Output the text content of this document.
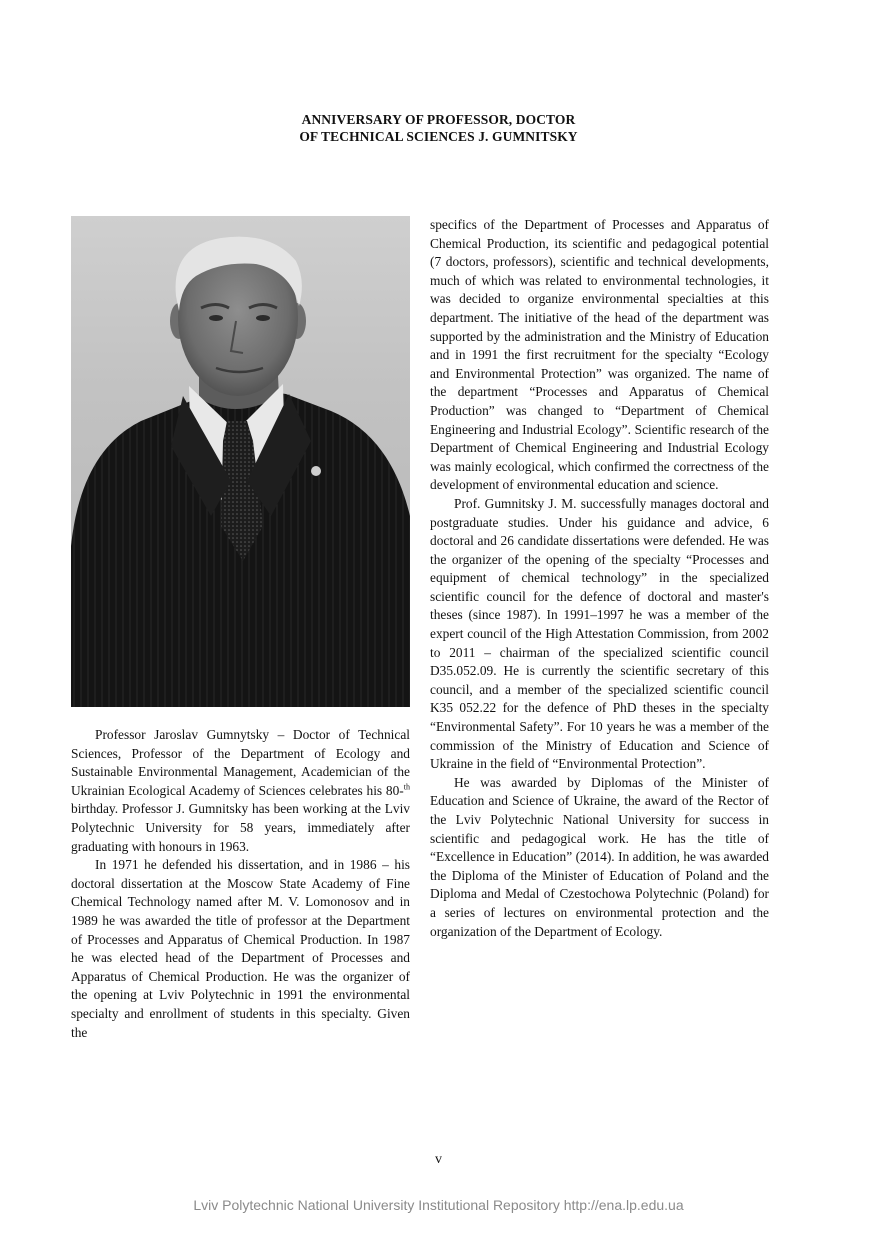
ANNIVERSARY OF PROFESSOR, DOCTOR
OF TECHNICAL SCIENCES J. GUMNITSKY

Professor Jaroslav Gumnytsky – Doctor of Technical Sciences, Professor of the Department of Ecology and Sustainable Environmental Management, Academician of the Ukrainian Ecological Academy of Sciences celebrates his 80-$^{th}$ birthday. Professor J. Gumnitsky has been working at the Lviv Polytechnic University for 58 years, immediately after graduating with honours in 1963.

In 1971 he defended his dissertation, and in 1986 – his doctoral dissertation at the Moscow State Academy of Fine Chemical Technology named after M. V. Lomonosov and in 1989 he was awarded the title of professor at the Department of Processes and Apparatus of Chemical Production. In 1987 he was elected head of the Department of Processes and Apparatus of Chemical Production. He was the organizer of the opening at Lviv Polytechnic in 1991 the environmental specialty and enrollment of students in this specialty. Given the

specifics of the Department of Processes and Apparatus of Chemical Production, its scientific and pedagogical potential (7 doctors, professors), scientific and technical developments, much of which was related to environmental technologies, it was decided to organize environmental specialties at this department. The initiative of the head of the department was supported by the administration and the Ministry of Education and in 1991 the first recruitment for the specialty “Ecology and Environmental Protection” was organized. The name of the department “Processes and Apparatus of Chemical Production” was changed to “Department of Chemical Engineering and Industrial Ecology”. Scientific research of the Department of Chemical Engineering and Industrial Ecology was mainly ecological, which confirmed the correctness of the development of environmental education and science.

Prof. Gumnitsky J. M. successfully manages doctoral and postgraduate studies. Under his guidance and advice, 6 doctoral and 26 candidate dissertations were defended. He was the organizer of the opening of the specialty “Processes and equipment of chemical technology” in the specialized scientific council for the defence of doctoral and master's theses (since 1987). In 1991–1997 he was a member of the expert council of the High Attestation Commission, from 2002 to 2011 – chairman of the specialized scientific council D35.052.09. He is currently the scientific secretary of this council, and a member of the specialized scientific council K35 052.22 for the defence of PhD theses in the specialty “Environmental Safety”. For 10 years he was a member of the commission of the Ministry of Education and Science of Ukraine in the field of “Environmental Protection”.

He was awarded by Diplomas of the Minister of Education and Science of Ukraine, the award of the Rector of the Lviv Polytechnic National University for success in scientific and pedagogical work. He has the title of “Excellence in Education” (2014). In addition, he was awarded the Diploma of the Minister of Education of Poland and the Diploma and Medal of Czestochowa Polytechnic (Poland) for a series of lectures on environmental protection and the organization of the Department of Ecology.

v
Lviv Polytechnic National University Institutional Repository http://ena.lp.edu.ua
